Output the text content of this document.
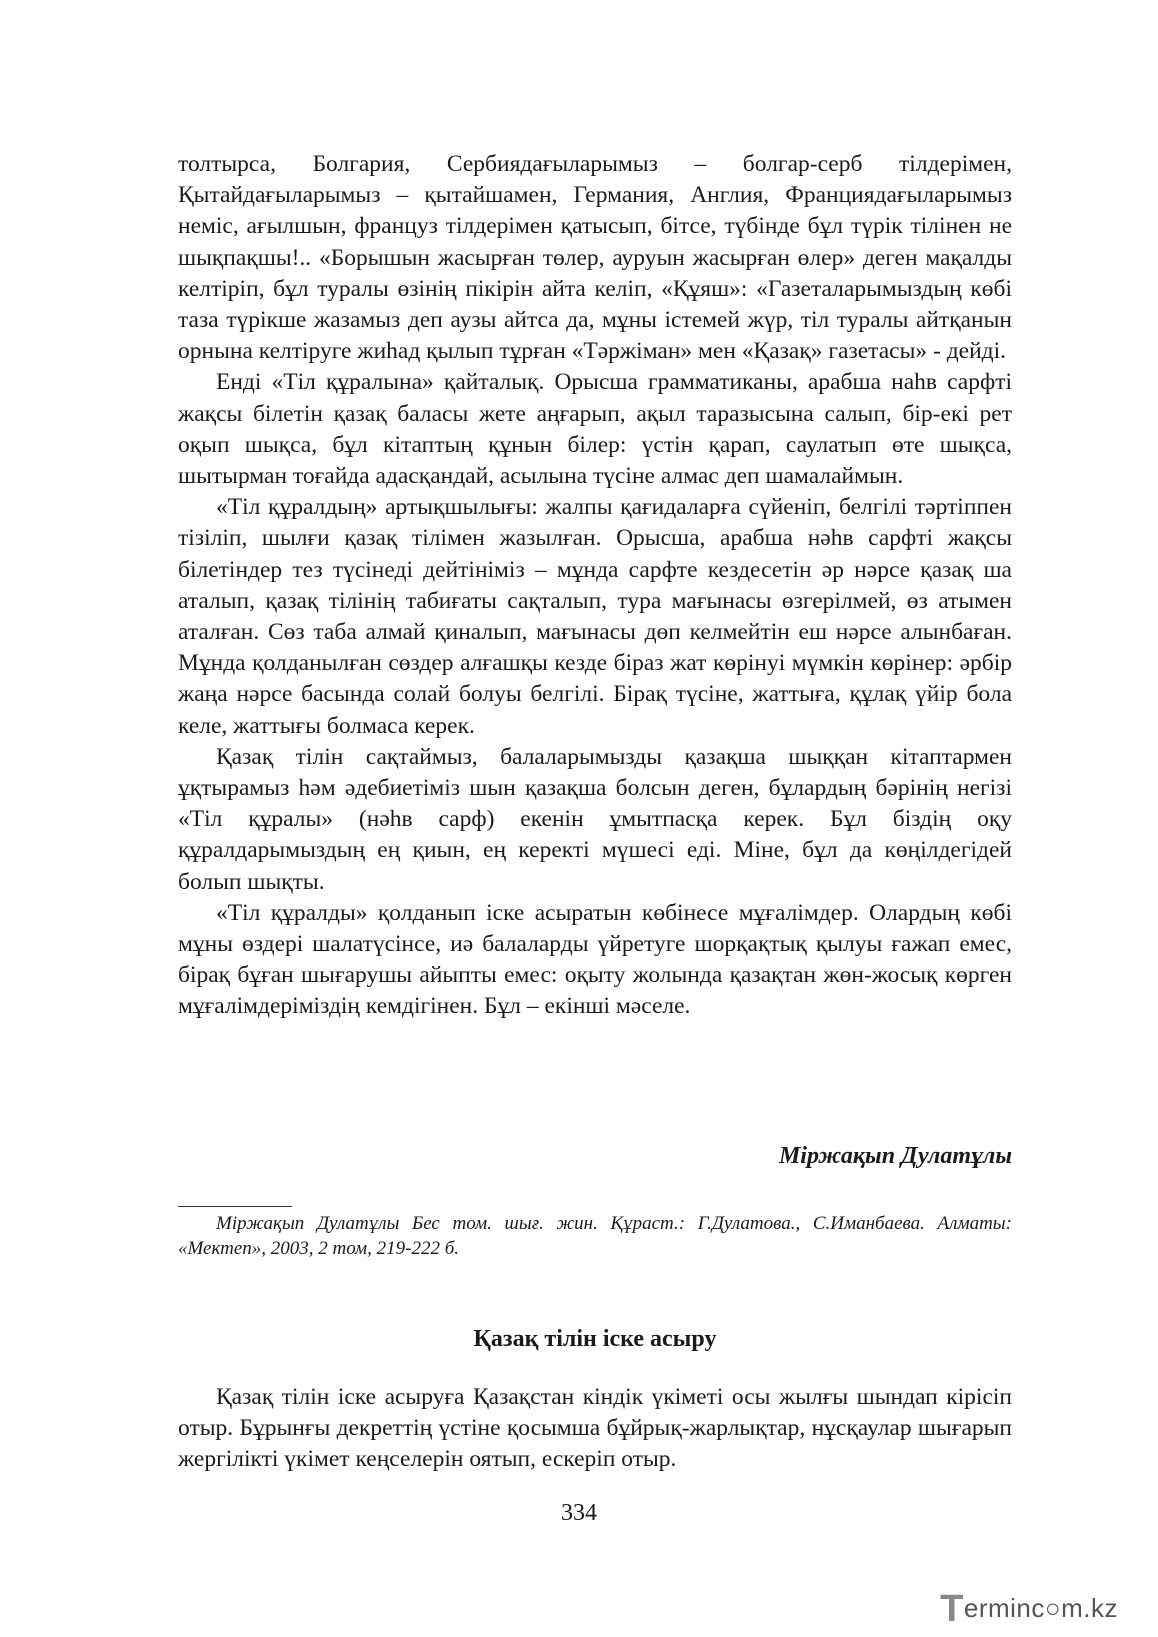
толтырса, Болгария, Сербиядағыларымыз – болгар-серб тілдерімен, Қытайдағыларымыз – қытайшамен, Германия, Англия, Франциядағыларымыз неміс, ағылшын, француз тілдерімен қатысып, бітсе, түбінде бұл түрік тілінен не шықпақшы!.. «Борышын жасырған төлер, ауруын жасырған өлер» деген мақалды келтіріп, бұл туралы өзінің пікірін айта келіп, «Құяш»: «Газеталарымыздың көбі таза түрікше жазамыз деп аузы айтса да, мұны істемей жүр, тіл туралы айтқанын орнына келтіруге жиһад қылып тұрған «Тәржіман» мен «Қазақ» газетасы» - дейді.

Енді «Тіл құралына» қайталық. Орысша грамматиканы, арабша наһв сарфті жақсы білетін қазақ баласы жете аңғарып, ақыл таразысына салып, бір-екі рет оқып шықса, бұл кітаптың құнын білер: үстін қарап, саулатып өте шықса, шытырман тоғайда адасқандай, асылына түсіне алмас деп шамалаймын.

«Тіл құралдың» артықшылығы: жалпы қағидаларға сүйеніп, белгілі тәртіппен тізіліп, шылғи қазақ тілімен жазылған. Орысша, арабша нәһв сарфті жақсы білетіндер тез түсінеді дейтініміз – мұнда сарфте кездесетін әр нәрсе қазақ ша аталып, қазақ тілінің табиғаты сақталып, тура мағынасы өзгерілмей, өз атымен аталған. Сөз таба алмай қиналып, мағынасы дөп келмейтін еш нәрсе алынбаған. Мұнда қолданылған сөздер алғашқы кезде біраз жат көрінуі мүмкін көрінер: әрбір жаңа нәрсе басында солай болуы белгілі. Бірақ түсіне, жаттыға, құлақ үйір бола келе, жаттығы болмаса керек.

Қазақ тілін сақтаймыз, балаларымызды қазақша шыққан кітаптармен ұқтырамыз һәм әдебиетіміз шын қазақша болсын деген, бұлардың бәрінің негізі «Тіл құралы» (нәһв сарф) екенін ұмытпасқа керек. Бұл біздің оқу құралдарымыздың ең қиын, ең керекті мүшесі еді. Міне, бұл да көңілдегідей болып шықты.

«Тіл құралды» қолданып іске асыратын көбінесе мұғалімдер. Олардың көбі мұны өздері шалатүсінсе, иә балаларды үйретуге шорқақтық қылуы ғажап емес, бірақ бұған шығарушы айыпты емес: оқыту жолында қазақтан жөн-жосық көрген мұғалімдеріміздің кемдігінен. Бұл – екінші мәселе.

Міржақып Дулатұлы
Міржақып Дулатұлы Бес том. шығ. жин. Құраст.: Г.Дулатова., С.Иманбаева. Алматы: «Мектеп», 2003, 2 том, 219-222 б.
Қазақ тілін іске асыру

Қазақ тілін іске асыруға Қазақстан кіндік үкіметі осы жылғы шындап кірісіп отыр. Бұрынғы декреттің үстіне қосымша бұйрық-жарлықтар, нұсқаулар шығарып жергілікті үкімет кеңселерін оятып, ескеріп отыр.

334
Terminc○m.kz
